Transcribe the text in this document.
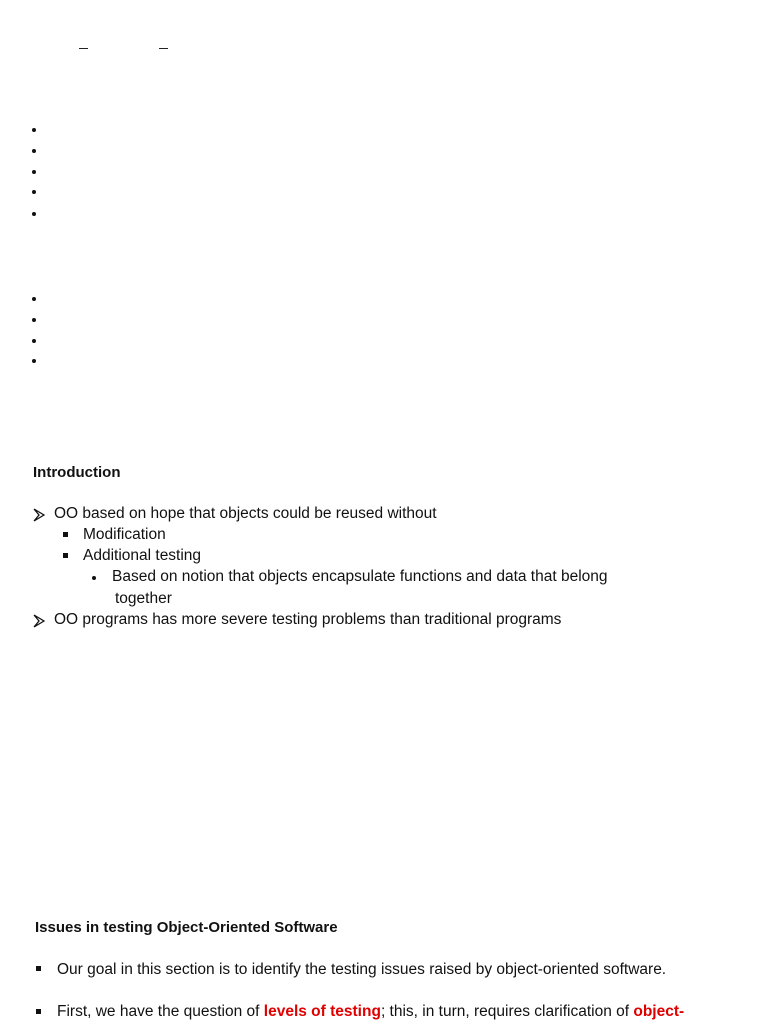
Introduction
OO based on hope that objects could be reused without
Modification
Additional testing
Based on notion that objects encapsulate functions and data that belong
together
OO programs has more severe testing problems than traditional programs
Issues in testing Object-Oriented Software
Our goal in this section is to identify the testing issues raised by object-oriented software.
First, we have the question of levels of testing; this, in turn, requires clarification of object-
